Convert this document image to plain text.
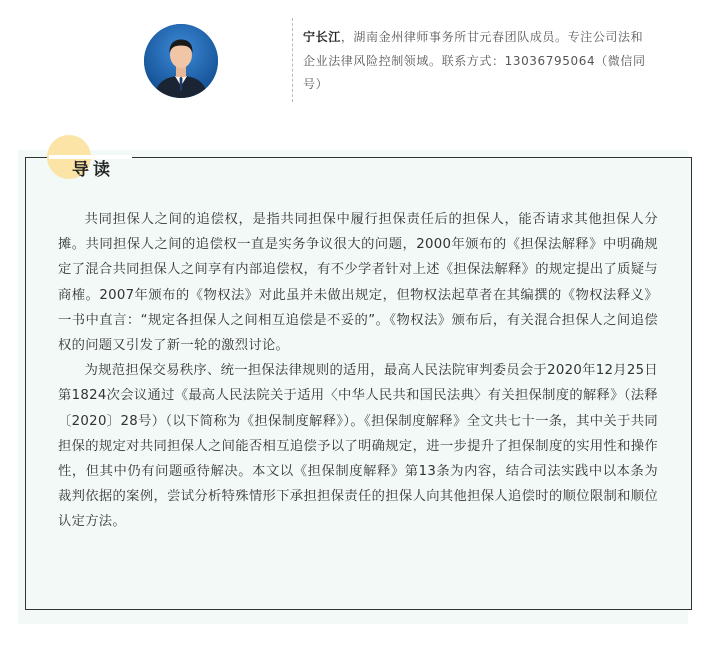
宁长江，湖南金州律师事务所甘元春团队成员。专注公司法和企业法律风险控制领域。联系方式：13036795064（微信同号）
导读

共同担保人之间的追偿权，是指共同担保中履行担保责任后的担保人，能否请求其他担保人分摊。共同担保人之间的追偿权一直是实务争议很大的问题，2000年颁布的《担保法解释》中明确规定了混合共同担保人之间享有内部追偿权，有不少学者针对上述《担保法解释》的规定提出了质疑与商榷。2007年颁布的《物权法》对此虽并未做出规定，但物权法起草者在其编撰的《物权法释义》一书中直言：“规定各担保人之间相互追偿是不妥的”。《物权法》颁布后，有关混合担保人之间追偿权的问题又引发了新一轮的激烈讨论。

为规范担保交易秩序、统一担保法律规则的适用，最高人民法院审判委员会于2020年12月25日第1824次会议通过《最高人民法院关于适用〈中华人民共和国民法典〉有关担保制度的解释》（法释〔2020〕28号）（以下简称为《担保制度解释》）。《担保制度解释》全文共七十一条，其中关于共同担保的规定对共同担保人之间能否相互追偿予以了明确规定，进一步提升了担保制度的实用性和操作性，但其中仍有问题亟待解决。本文以《担保制度解释》第13条为内容，结合司法实践中以本条为裁判依据的案例，尝试分析特殊情形下承担担保责任的担保人向其他担保人追偿时的顺位限制和顺位认定方法。
